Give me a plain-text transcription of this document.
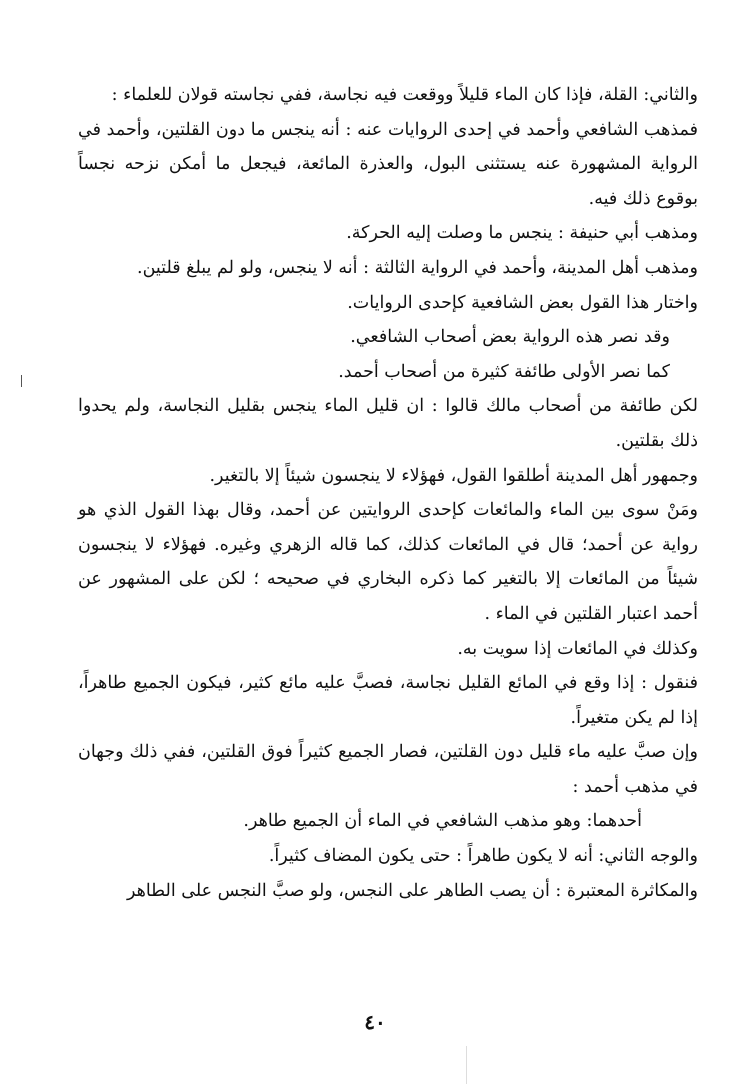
والثاني: القلة، فإذا كان الماء قليلاً ووقعت فيه نجاسة، ففي نجاسته قولان للعلماء :

فمذهب الشافعي وأحمد في إحدى الروايات عنه : أنه ينجس ما دون القلتين، وأحمد في الرواية المشهورة عنه يستثنى البول، والعذرة المائعة، فيجعل ما أمكن نزحه نجساً بوقوع ذلك فيه.

ومذهب أبي حنيفة : ينجس ما وصلت إليه الحركة.

ومذهب أهل المدينة، وأحمد في الرواية الثالثة : أنه لا ينجس، ولو لم يبلغ قلتين.

واختار هذا القول بعض الشافعية كإحدى الروايات.

وقد نصر هذه الرواية بعض أصحاب الشافعي.

كما نصر الأولى طائفة كثيرة من أصحاب أحمد.

لكن طائفة من أصحاب مالك قالوا : ان قليل الماء ينجس بقليل النجاسة، ولم يحدوا ذلك بقلتين.

وجمهور أهل المدينة أطلقوا القول، فهؤلاء لا ينجسون شيئاً إلا بالتغير.

ومَنْ سوى بين الماء والمائعات كإحدى الروايتين عن أحمد، وقال بهذا القول الذي هو رواية عن أحمد؛ قال في المائعات كذلك، كما قاله الزهري وغيره. فهؤلاء لا ينجسون شيئاً من المائعات إلا بالتغير كما ذكره البخاري في صحيحه ؛ لكن على المشهور عن أحمد اعتبار القلتين في الماء .

وكذلك في المائعات إذا سويت به.

فنقول : إذا وقع في المائع القليل نجاسة، فصبَّ عليه مائع كثير، فيكون الجميع طاهراً، إذا لم يكن متغيراً.

وإن صبَّ عليه ماء قليل دون القلتين، فصار الجميع كثيراً فوق القلتين، ففي ذلك وجهان في مذهب أحمد :

أحدهما: وهو مذهب الشافعي في الماء أن الجميع طاهر.

والوجه الثاني: أنه لا يكون طاهراً : حتى يكون المضاف كثيراً.

والمكاثرة المعتبرة : أن يصب الطاهر على النجس، ولو صبَّ النجس على الطاهر

٤٠
